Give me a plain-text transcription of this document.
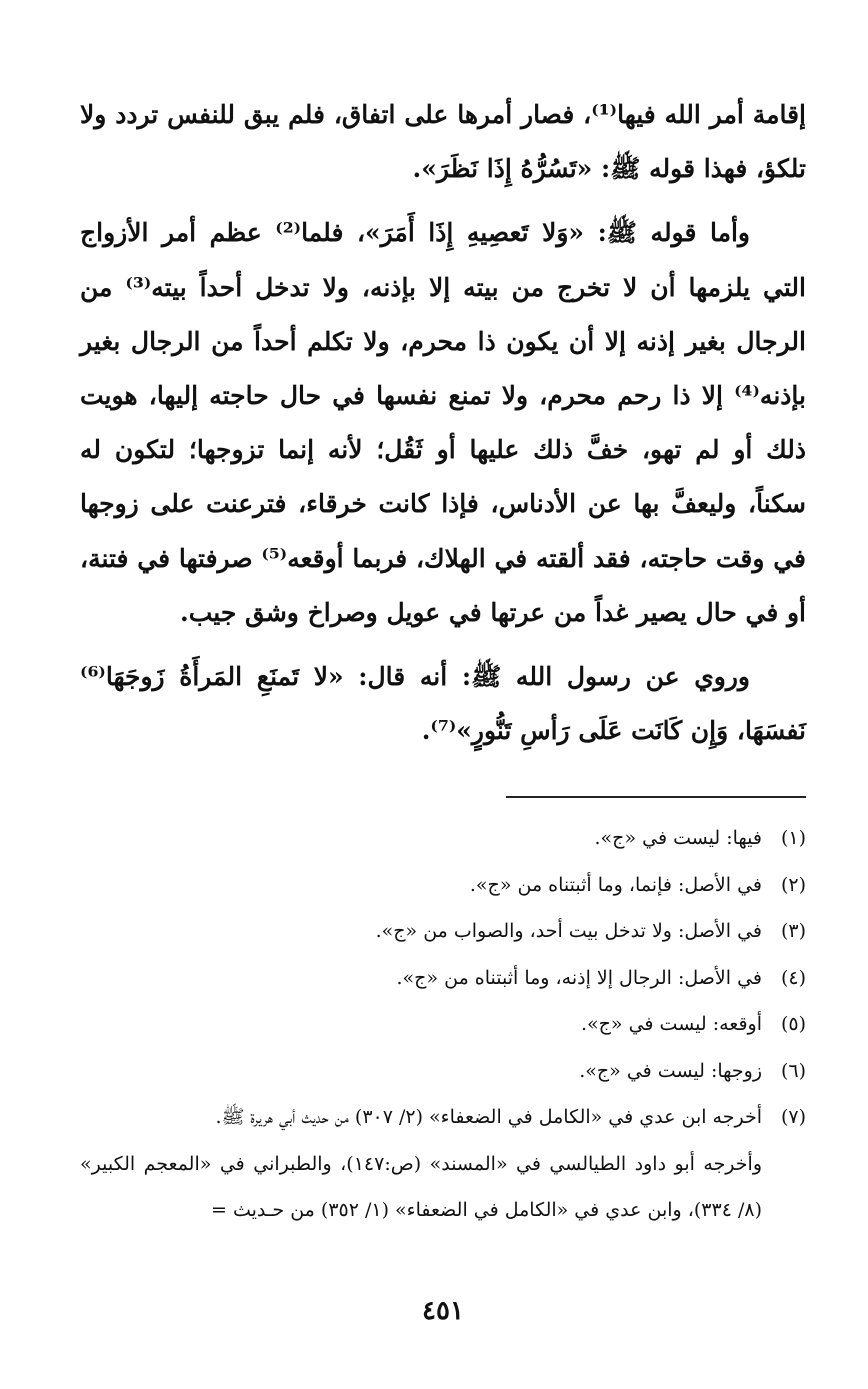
إقامة أمر الله فيها⁽¹⁾، فصار أمرها على اتفاق، فلم يبق للنفس تردد ولا تلكؤ، فهذا قوله ﷺ: «تَسُرُّهُ إِذَا نَظَرَ».

وأما قوله ﷺ: «وَلا تَعصِيهِ إِذَا أَمَرَ»، فلما⁽²⁾ عظم أمر الأزواج التي يلزمها أن لا تخرج من بيته إلا بإذنه، ولا تدخل أحداً بيته⁽³⁾ من الرجال بغير إذنه إلا أن يكون ذا محرم، ولا تكلم أحداً من الرجال بغير بإذنه⁽⁴⁾ إلا ذا رحم محرم، ولا تمنع نفسها في حال حاجته إليها، هويت ذلك أو لم تهو، خفَّ ذلك عليها أو ثَقُل؛ لأنه إنما تزوجها؛ لتكون له سكناً، وليعفَّ بها عن الأدناس، فإذا كانت خرقاء، فترعنت على زوجها في وقت حاجته، فقد ألقته في الهلاك، فربما أوقعه⁽⁵⁾ صرفتها في فتنة، أو في حال يصير غداً من عرتها في عويل وصراخ وشق جيب.

وروي عن رسول الله ﷺ: أنه قال: «لا تَمنَعِ المَرأَةُ زَوجَهَا⁽⁶⁾ نَفسَهَا، وَإِن كَانَت عَلَى رَأسِ تَنُّورٍ»⁽⁷⁾.

(١)
فيها: ليست في «ج».
(٢)
في الأصل: فإنما، وما أثبتناه من «ج».
(٣)
في الأصل: ولا تدخل بيت أحد، والصواب من «ج».
(٤)
في الأصل: الرجال إلا إذنه، وما أثبتناه من «ج».
(٥)
أوقعه: ليست في «ج».
(٦)
زوجها: ليست في «ج».
(٧)
أخرجه ابن عدي في «الكامل في الضعفاء» (٢/ ٣٠٧) من حديث أبي هريرة ﷺ.
وأخرجه أبو داود الطيالسي في «المسند» (ص:١٤٧)، والطبراني في «المعجم الكبير» (٨/ ٣٣٤)، وابن عدي في «الكامل في الضعفاء» (١/ ٣٥٢) من حـديث =
٤٥١
